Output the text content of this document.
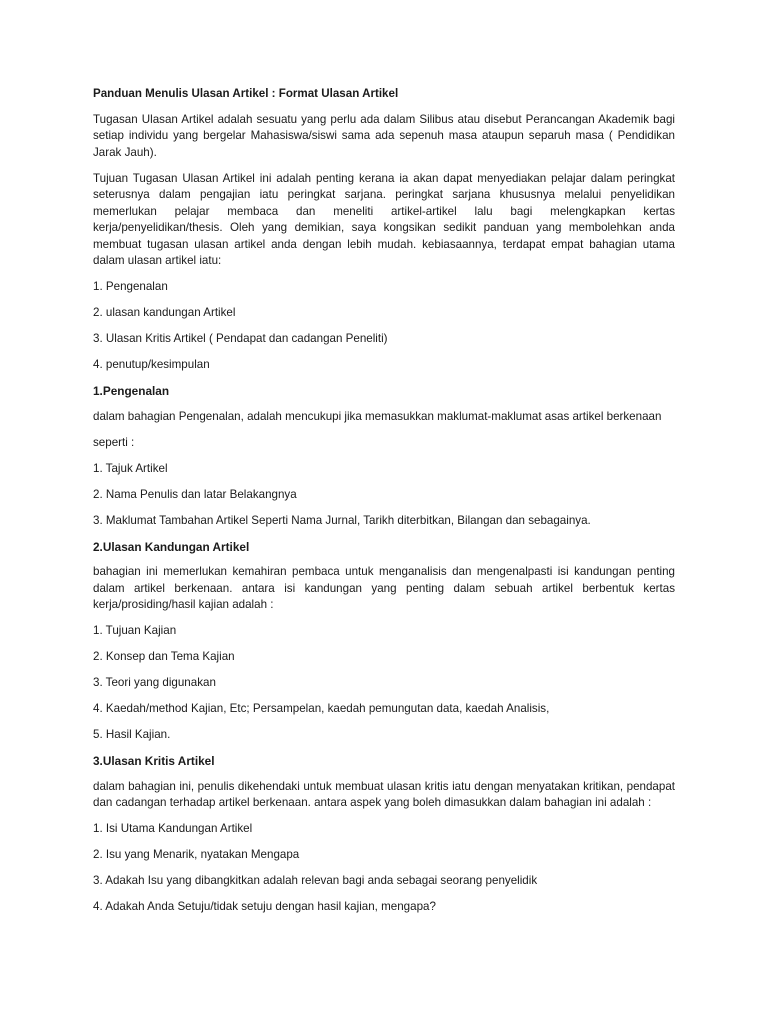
Panduan Menulis Ulasan Artikel : Format Ulasan Artikel
Tugasan Ulasan Artikel adalah sesuatu yang perlu ada dalam Silibus atau disebut Perancangan Akademik bagi setiap individu yang bergelar Mahasiswa/siswi sama ada sepenuh masa ataupun separuh masa ( Pendidikan Jarak Jauh).
Tujuan Tugasan Ulasan Artikel ini adalah penting kerana ia akan dapat menyediakan pelajar dalam peringkat seterusnya dalam pengajian iatu peringkat sarjana. peringkat sarjana khususnya melalui penyelidikan memerlukan pelajar membaca dan meneliti artikel-artikel lalu bagi melengkapkan kertas kerja/penyelidikan/thesis. Oleh yang demikian, saya kongsikan sedikit panduan yang membolehkan anda membuat tugasan ulasan artikel anda dengan lebih mudah. kebiasaannya, terdapat empat bahagian utama dalam ulasan artikel iatu:
1. Pengenalan
2. ulasan kandungan Artikel
3. Ulasan Kritis Artikel ( Pendapat dan cadangan Peneliti)
4. penutup/kesimpulan
1.Pengenalan
dalam bahagian Pengenalan, adalah mencukupi jika memasukkan maklumat-maklumat asas artikel berkenaan
seperti :
1. Tajuk Artikel
2. Nama Penulis dan latar Belakangnya
3. Maklumat Tambahan Artikel Seperti Nama Jurnal, Tarikh diterbitkan, Bilangan dan sebagainya.
2.Ulasan Kandungan Artikel
bahagian ini memerlukan kemahiran pembaca untuk menganalisis dan mengenalpasti isi kandungan penting dalam artikel berkenaan. antara isi kandungan yang penting dalam sebuah artikel berbentuk kertas kerja/prosiding/hasil kajian adalah :
1. Tujuan Kajian
2. Konsep dan Tema Kajian
3. Teori yang digunakan
4. Kaedah/method Kajian, Etc; Persampelan, kaedah pemungutan data, kaedah Analisis,
5. Hasil Kajian.
3.Ulasan Kritis Artikel
dalam bahagian ini, penulis dikehendaki untuk membuat ulasan kritis iatu dengan menyatakan kritikan, pendapat dan cadangan terhadap artikel berkenaan. antara aspek yang boleh dimasukkan dalam bahagian ini adalah :
1. Isi Utama Kandungan Artikel
2. Isu yang Menarik, nyatakan Mengapa
3. Adakah Isu yang dibangkitkan adalah relevan bagi anda sebagai seorang penyelidik
4. Adakah Anda Setuju/tidak setuju dengan hasil kajian, mengapa?
